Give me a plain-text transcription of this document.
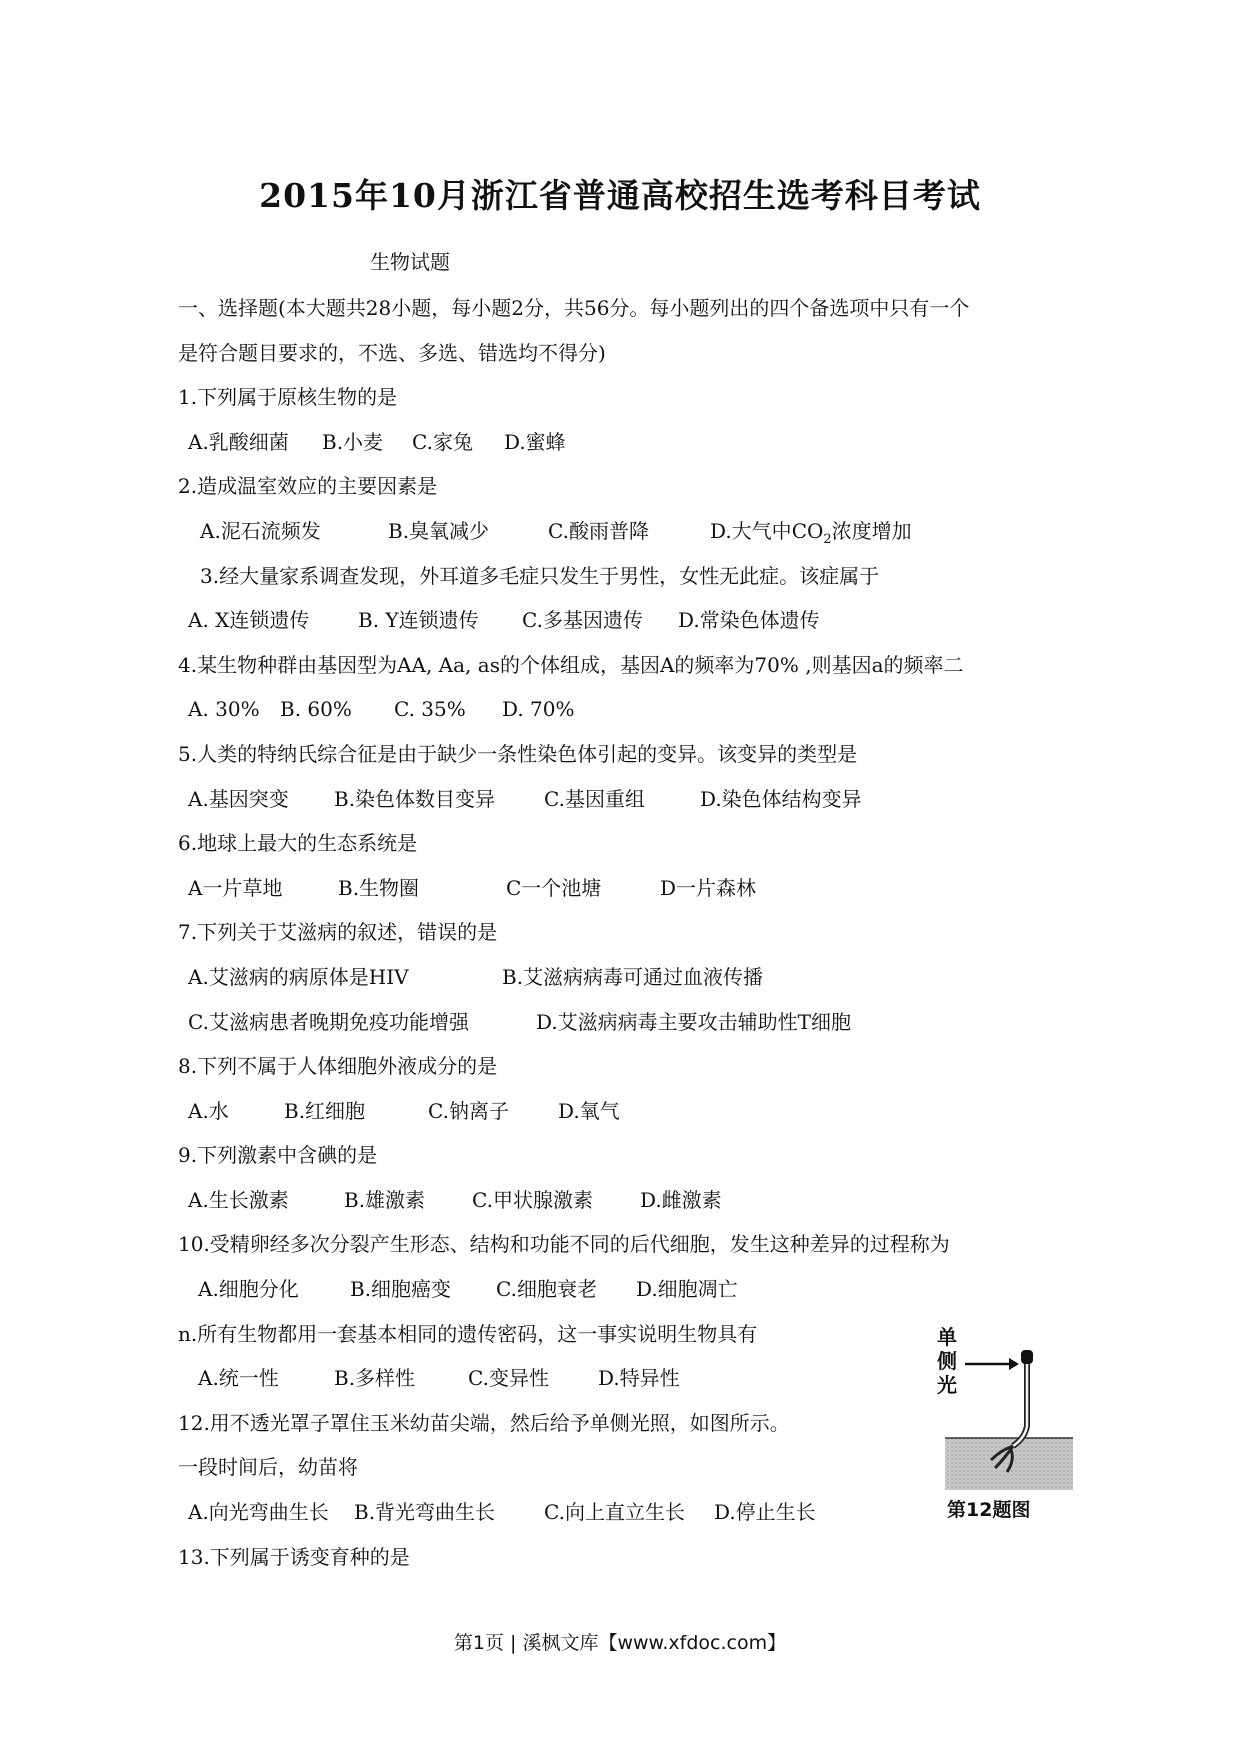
2015年10月浙江省普通高校招生选考科目考试
生物试题
一、选择题(本大题共28小题，每小题2分，共56分。每小题列出的四个备选项中只有一个
是符合题目要求的，不选、多选、错选均不得分)
1.下列属于原核生物的是
A.乳酸细菌 B.小麦 C.家兔 D.蜜蜂
2.造成温室效应的主要因素是
A.泥石流频发	B.臭氧减少	C.酸雨普降	D.大气中$CO_2$浓度增加
3.经大量家系调查发现，外耳道多毛症只发生于男性，女性无此症。该症属于
A. X连锁遗传 B. Y连锁遗传 C.多基因遗传 D.常染色体遗传
4.某生物种群由基因型为AA, Aa, as的个体组成，基因A的频率为70% ,则基因a的频率二
A. 30% B. 60% C. 35% D. 70%
5.人类的特纳氏综合征是由于缺少一条性染色体引起的变异。该变异的类型是
A.基因突变 B.染色体数目变异 C.基因重组	D.染色体结构变异
6.地球上最大的生态系统是
A一片草地	B.生物圈	C一个池塘	D一片森林
7.下列关于艾滋病的叙述，错误的是
A.艾滋病的病原体是HIV	B.艾滋病病毒可通过血液传播
C.艾滋病患者晚期免疫功能增强	D.艾滋病病毒主要攻击辅助性T细胞
8.下列不属于人体细胞外液成分的是
A.水	B.红细胞	C.钠离子 D.氧气
9.下列激素中含碘的是
A.生长激素	B.雄激素 C.甲状腺激素 D.雌激素
10.受精卵经多次分裂产生形态、结构和功能不同的后代细胞，发生这种差异的过程称为
A.细胞分化	B.细胞癌变 C.细胞衰老 D.细胞凋亡
n.所有生物都用一套基本相同的遗传密码，这一事实说明生物具有
A.统一性	B.多样性	C.变异性 D.特异性
12.用不透光罩子罩住玉米幼苗尖端，然后给予单侧光照，如图所示。
一段时间后，幼苗将
A.向光弯曲生长 B.背光弯曲生长 C.向上直立生长 D.停止生长
13.下列属于诱变育种的是
单
侧
光
第12题图
第1页 | 溪枫文库【www.xfdoc.com】
